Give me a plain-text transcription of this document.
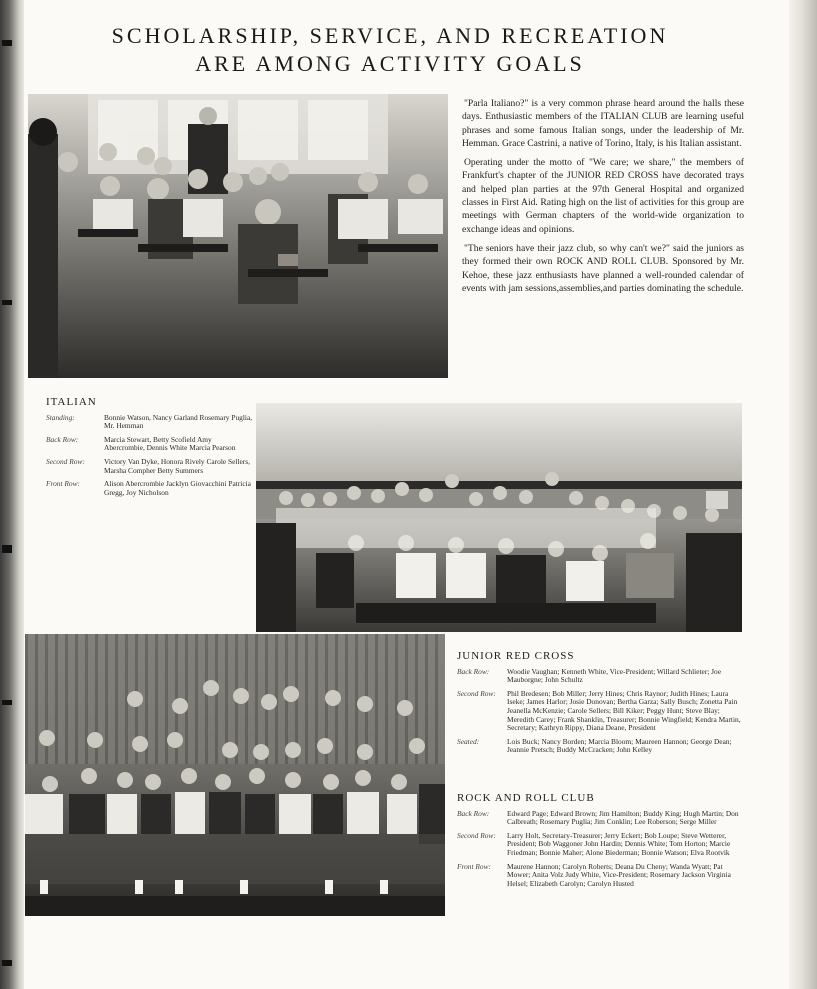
SCHOLARSHIP, SERVICE, AND RECREATION
ARE AMONG ACTIVITY GOALS

"Parla Italiano?" is a very common phrase heard around the halls these days. Enthusiastic members of the ITALIAN CLUB are learning useful phrases and some famous Italian songs, under the leadership of Mr. Hemman. Grace Castrini, a native of Torino, Italy, is his Italian assistant.

Operating under the motto of "We care; we share," the members of Frankfurt's chapter of the JUNIOR RED CROSS have decorated trays and helped plan parties at the 97th General Hospital and organized classes in First Aid. Rating high on the list of activities for this group are meetings with German chapters of the world-wide organization to exchange ideas and opinions.

"The seniors have their jazz club, so why can't we?" said the juniors as they formed their own ROCK AND ROLL CLUB. Sponsored by Mr. Kehoe, these jazz enthusiasts have planned a well-rounded calendar of events with jam sessions,assemblies,and parties dominating the schedule.

ITALIAN
Standing:	Bonnie Watson, Nancy Garland Rosemary Puglia, Mr. Hemman
Back Row:	Marcia Stewart, Betty Scofield Amy Abercrombie, Dennis White Marcia Pearson
Second Row:	Victory Van Dyke, Honora Rively Carole Sellers, Marsha Compher Betty Summers
Front Row:	Alison Abercrombie Jacklyn Giovacchini Patricia Gregg, Joy Nicholson
JUNIOR RED CROSS
Back Row:	Woodie Vaughan; Kenneth White, Vice-President; Willard Schlieter; Joe Mauborgne; John Schultz
Second Row:	Phil Bredesen; Bob Miller; Jerry Hines; Chris Raynor; Judith Hines; Laura Iseke; James Harlor; Josie Donovan; Bertha Garza; Sally Busch; Zonetta Pain Jeanella McKenzie; Carole Sellers; Bill Kiker; Peggy Hunt; Steve Blay; Meredith Carey; Frank Shanklin, Treasurer; Bonnie Wingfield; Kendra Martin, Secretary; Kathryn Rippy, Diana Deane, President
Seated:	Lois Buck; Nancy Borden; Marcia Bloom; Maureen Hannon; George Dean; Jeannie Pretsch; Buddy McCracken; John Kelley
ROCK AND ROLL CLUB
Back Row:	Edward Page; Edward Brown; Jim Hamilton; Buddy King; Hugh Martin; Don Calbreath; Rosemary Puglia; Jim Conklin; Lee Roberson; Serge Miller
Second Row:	Larry Holt, Secretary-Treasurer; Jerry Eckert; Bob Loupe; Steve Wetterer, President; Bob Waggoner John Hardin; Dennis White; Tom Horton; Marcie Friedman; Bonnie Maher; Alone Biederman; Bonnie Watson; Elva Rootvik
Front Row:	Maurene Hannon; Carolyn Roberts; Deana Du Cheny; Wanda Wyatt; Pat Mower; Anita Volz Judy White, Vice-President; Rosemary Jackson Virginia Helsel; Elizabeth Carolyn; Carolyn Husted
